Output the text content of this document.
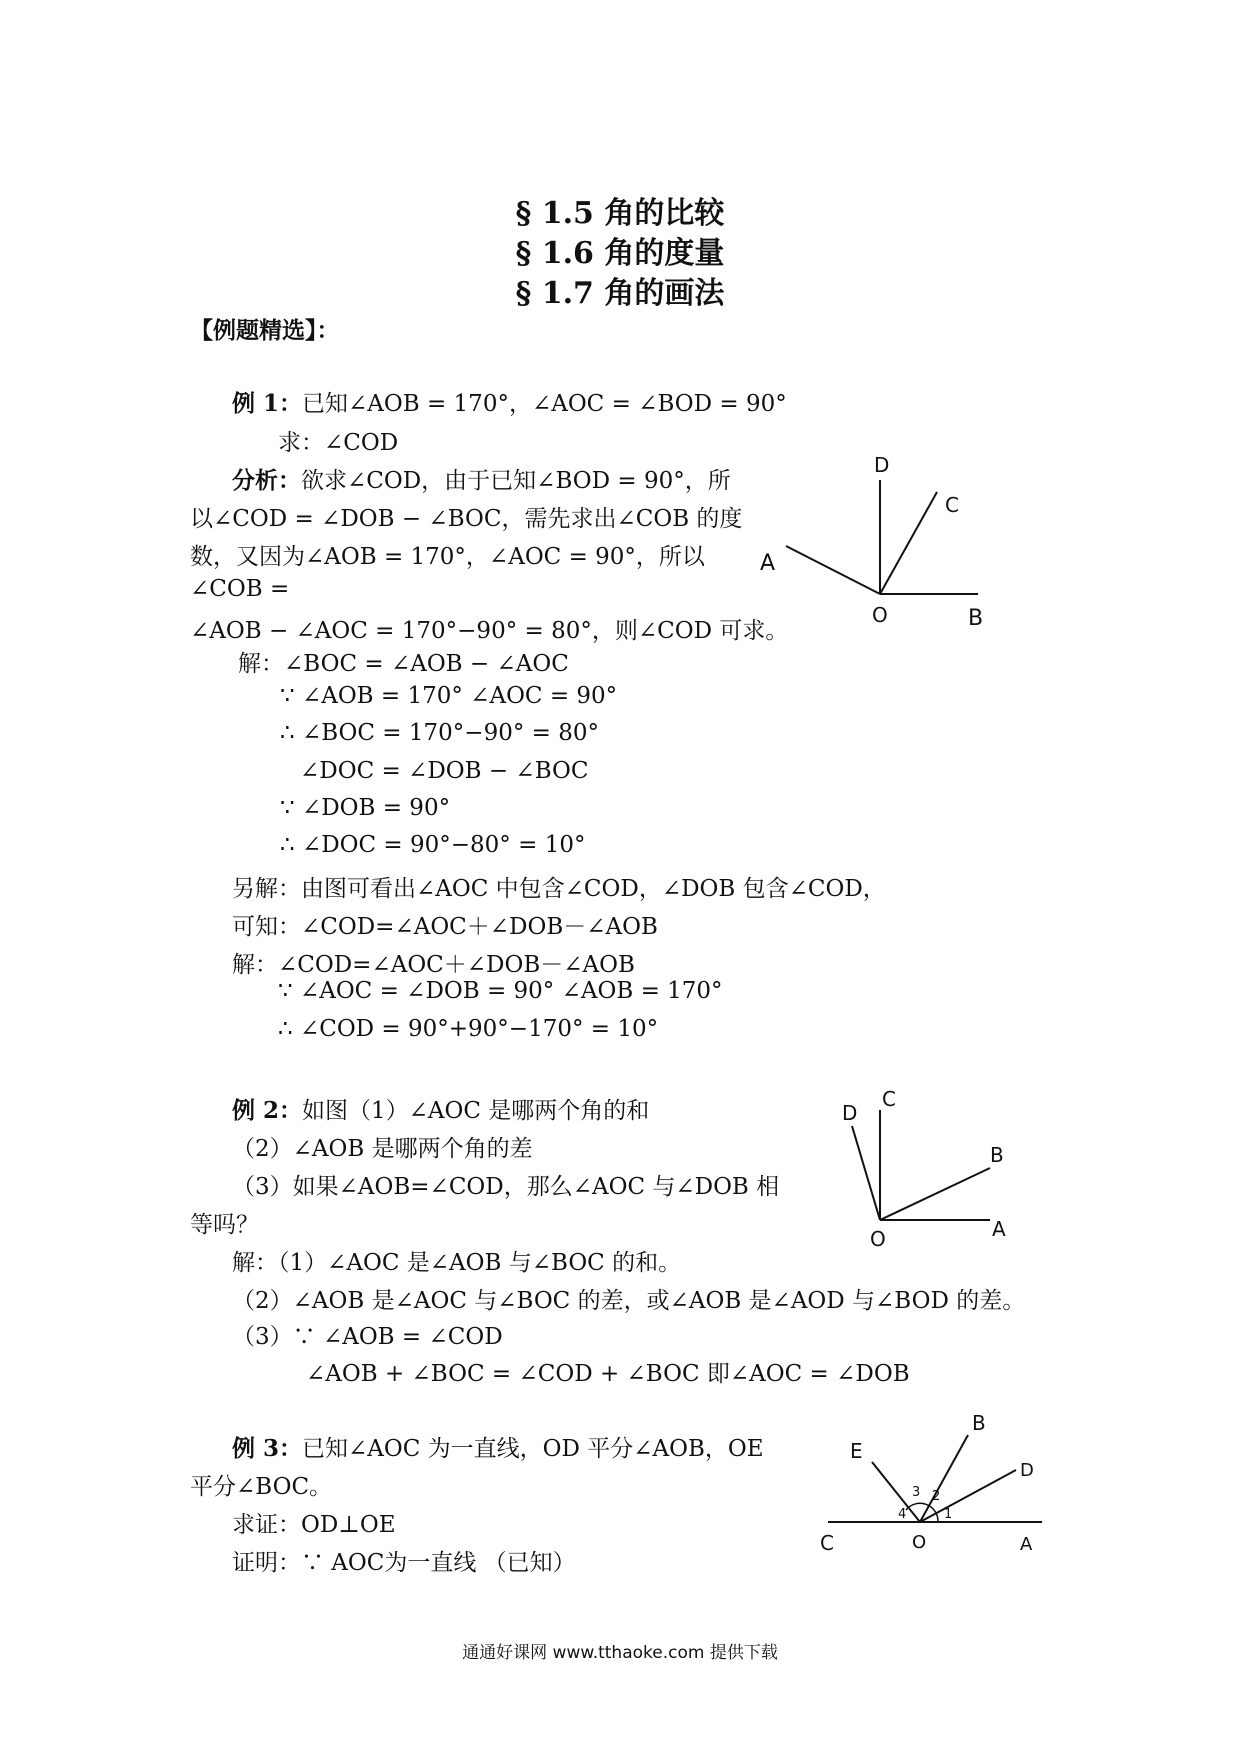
§ 1.5 角的比较
§ 1.6 角的度量
§ 1.7 角的画法
【例题精选】：
例 1：已知∠AOB = 170°，∠AOC = ∠BOD = 90°
求：∠COD
分析：欲求∠COD，由于已知∠BOD = 90°，所
以∠COD = ∠DOB − ∠BOC，需先求出∠COB 的度
数，又因为∠AOB = 170°，∠AOC = 90°，所以
∠COB =
∠AOB − ∠AOC = 170°−90° = 80°，则∠COD 可求。
解：∠BOC = ∠AOB − ∠AOC
∵ ∠AOB = 170° ∠AOC = 90°
∴ ∠BOC = 170°−90° = 80°
∠DOC = ∠DOB − ∠BOC
∵ ∠DOB = 90°
∴ ∠DOC = 90°−80° = 10°
另解：由图可看出∠AOC 中包含∠COD，∠DOB 包含∠COD，
可知：∠COD=∠AOC＋∠DOB－∠AOB
解：∠COD=∠AOC＋∠DOB－∠AOB
∵ ∠AOC = ∠DOB = 90° ∠AOB = 170°
∴ ∠COD = 90°+90°−170° = 10°
A
B
C
D
O
例 2：如图（1）∠AOC 是哪两个角的和
（2）∠AOB 是哪两个角的差
（3）如果∠AOB=∠COD，那么∠AOC 与∠DOB 相
等吗？
解：（1）∠AOC 是∠AOB 与∠BOC 的和。
（2）∠AOB 是∠AOC 与∠BOC 的差，或∠AOB 是∠AOD 与∠BOD 的差。
（3）∵ ∠AOB = ∠COD
∠AOB + ∠BOC = ∠COD + ∠BOC 即∠AOC = ∠DOB
C
D
B
A
O
例 3：已知∠AOC 为一直线，OD 平分∠AOB，OE
平分∠BOC。
求证：OD⊥OE
证明：∵ AOC为一直线 （已知）
E
B
D
C	O	A
1
2
3
4
通通好课网 www.tthaoke.com 提供下载
